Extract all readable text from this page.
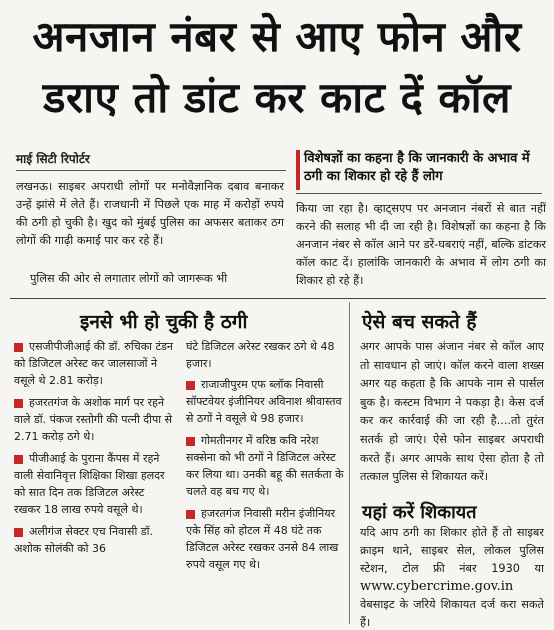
अनजान नंबर से आए फोन और
डराए तो डांट कर काट दें कॉल
माई सिटी रिपोर्टर	विशेषज्ञों का कहना है कि जानकारी के अभाव में ठगी का शिकार हो रहे हैं लोग
लखनऊ। साइबर अपराधी लोगों पर मनोवैज्ञानिक दबाव बनाकर उन्हें झांसे में लेते हैं। राजधानी में पिछले एक माह में करोड़ों रुपये की ठगी हो चुकी है। खुद को मुंबई पुलिस का अफसर बताकर ठग लोगों की गाढ़ी कमाई पार कर रहे हैं।
पुलिस की ओर से लगातार लोगों को जागरूक भी
किया जा रहा है। व्हाट्सएप पर अनजान नंबरों से बात नहीं करने की सलाह भी दी जा रही है। विशेषज्ञों का कहना है कि अनजान नंबर से कॉल आने पर डरें-घबराएं नहीं, बल्कि डांटकर कॉल काट दें। हालांकि जानकारी के अभाव में लोग ठगी का शिकार हो रहे हैं।
इनसे भी हो चुकी है ठगी
एसजीपीजीआई की डॉ. रुचिका टंडन को डिजिटल अरेस्ट कर जालसाजों ने वसूले थे 2.81 करोड़।
हजरतगंज के अशोक मार्ग पर रहने वाले डॉ. पंकज रस्तोगी की पत्नी दीपा से 2.71 करोड़ ठगे थे।
पीजीआई के पुराना कैंपस में रहने वाली सेवानिवृत्त शिक्षिका शिखा हलदर को सात दिन तक डिजिटल अरेस्ट रखकर 18 लाख रुपये वसूले थे।
अलीगंज सेक्टर एच निवासी डॉ. अशोक सोलंकी को 36
घंटे डिजिटल अरेस्ट रखकर ठगे थे 48 हजार।
राजाजीपुरम एफ ब्लॉक निवासी सॉफ्टवेयर इंजीनियर अविनाश श्रीवास्तव से ठगों ने वसूले थे 98 हजार।
गोमतीनगर में वरिष्ठ कवि नरेश सक्सेना को भी ठगों ने डिजिटल अरेस्ट कर लिया था। उनकी बहू की सतर्कता के चलते वह बच गए थे।
हजरतगंज निवासी मरीन इंजीनियर एके सिंह को होटल में 48 घंटे तक डिजिटल अरेस्ट रखकर उनसे 84 लाख रुपये वसूल गए थे।
ऐसे बच सकते हैं
अगर आपके पास अंजान नंबर से कॉल आए तो सावधान हो जाएं। कॉल करने वाला शख्स अगर यह कहता है कि आपके नाम से पार्सल बुक है। कस्टम विभाग ने पकड़ा है। केस दर्ज कर कर कार्रवाई की जा रही है....तो तुरंत सतर्क हो जाएं। ऐसे फोन साइबर अपराधी करते हैं। अगर आपके साथ ऐसा होता है तो तत्काल पुलिस से शिकायत करें।
यहां करें शिकायत
यदि आप ठगी का शिकार होते हैं तो साइबर क्राइम थाने, साइबर सेल, लोकल पुलिस स्टेशन, टोल फ्री नंबर 1930 या www.cybercrime.gov.in वेबसाइट के जरिये शिकायत दर्ज करा सकते हैं।
